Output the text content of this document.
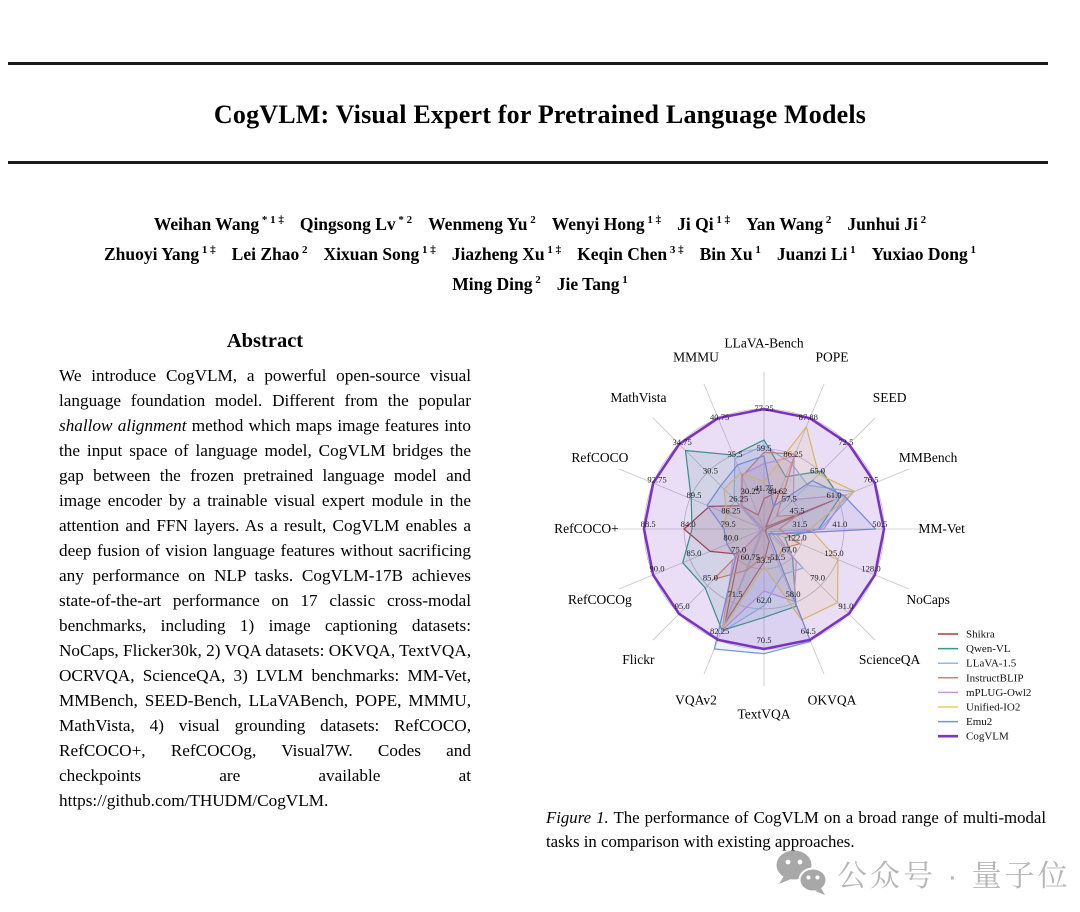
CogVLM: Visual Expert for Pretrained Language Models
Weihan Wang $^{* 1 \ddagger}$ Qingsong Lv $^{* 2}$ Wenmeng Yu $^2$ Wenyi Hong $^{1 \ddagger}$ Ji Qi $^{1 \ddagger}$ Yan Wang $^2$ Junhui Ji $^2$
Zhuoyi Yang $^{1 \ddagger}$ Lei Zhao $^2$ Xixuan Song $^{1 \ddagger}$ Jiazheng Xu $^{1 \ddagger}$ Keqin Chen $^{3 \ddagger}$ Bin Xu $^1$ Juanzi Li $^1$ Yuxiao Dong $^1$
Ming Ding $^2$ Jie Tang $^1$
Abstract

We introduce CogVLM, a powerful open-source visual language foundation model. Different from the popular shallow alignment method which maps image features into the input space of language model, CogVLM bridges the gap between the frozen pretrained language model and image encoder by a trainable visual expert module in the attention and FFN layers. As a result, CogVLM enables a deep fusion of vision language features without sacrificing any performance on NLP tasks. CogVLM-17B achieves state-of-the-art performance on 17 classic cross-modal benchmarks, including 1) image captioning datasets: NoCaps, Flicker30k, 2) VQA datasets: OKVQA, TextVQA, OCRVQA, ScienceQA, 3) LVLM benchmarks: MM-Vet, MMBench, SEED-Bench, LLaVABench, POPE, MMMU, MathVista, 4) visual grounding datasets: RefCOCO, RefCOCO+, RefCOCOg, Visual7W. Codes and checkpoints are available at https://github.com/THUDM/CogVLM.

41.75
59.5
77.25
84.62
86.25
87.88
57.5
65.0
72.5
45.5
61.0
76.5
31.5	41.0	50.5
122.0
125.0
128.0
67.0
79.0
91.0
51.5
58.0
64.5
53.5
62.0
70.5
60.75
71.5
82.25
75.0
85.0
95.0
80.0
85.0
90.0
79.5
84.0
88.5
86.25
89.5
92.75
26.25
30.5
34.75
30.25
35.5
40.75
LLaVA-Bench
POPE
SEED
MMBench
MM-Vet
NoCaps
ScienceQA
OKVQA
TextVQA
VQAv2
Flickr
RefCOCOg
RefCOCO+
RefCOCO
MathVista
MMMU
Shikra
Qwen-VL
LLaVA-1.5
InstructBLIP
mPLUG-Owl2
Unified-IO2
Emu2
CogVLM
Figure 1. The performance of CogVLM on a broad range of multi-modal tasks in comparison with existing approaches.
公众号 · 量子位
